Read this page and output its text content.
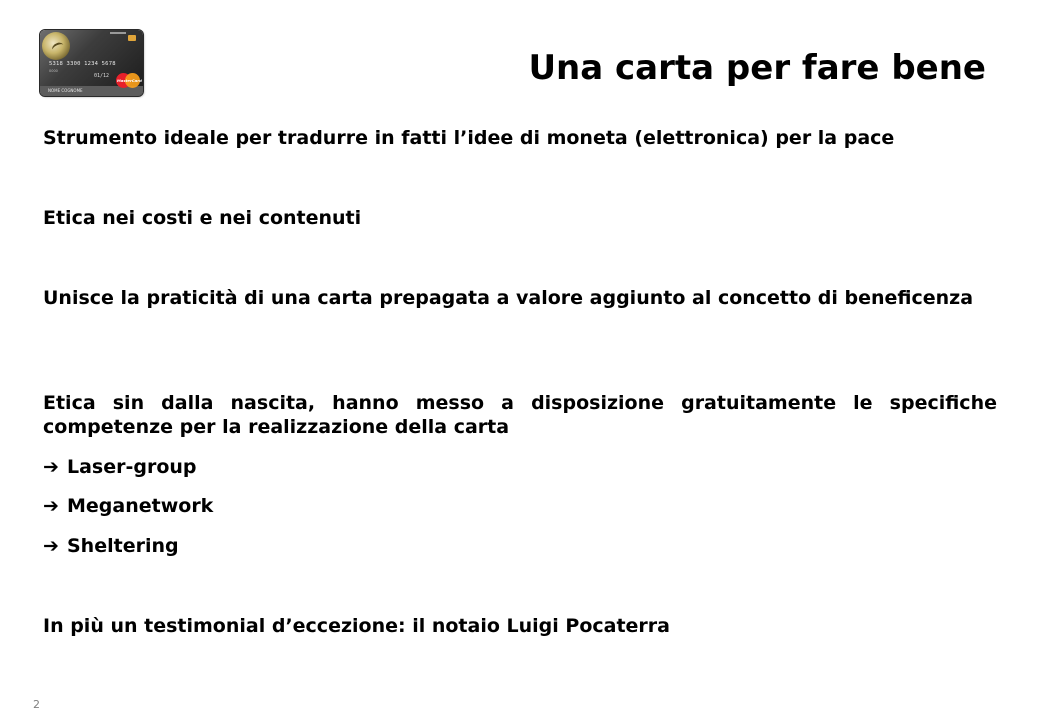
5318 3300 1234 5678
0000
01/12
NOME COGNOME
MasterCard	Una carta per fare bene

Strumento ideale per tradurre in fatti l’idee di moneta (elettronica) per la pace

Etica nei costi e nei contenuti

Unisce la praticità di una carta prepagata a valore aggiunto al concetto di beneficenza

Etica sin dalla nascita, hanno messo a disposizione gratuitamente le specifiche competenze per la realizzazione della carta

➔ Laser-group

➔ Meganetwork

➔ Sheltering

In più un testimonial d’eccezione: il notaio Luigi Pocaterra

2
